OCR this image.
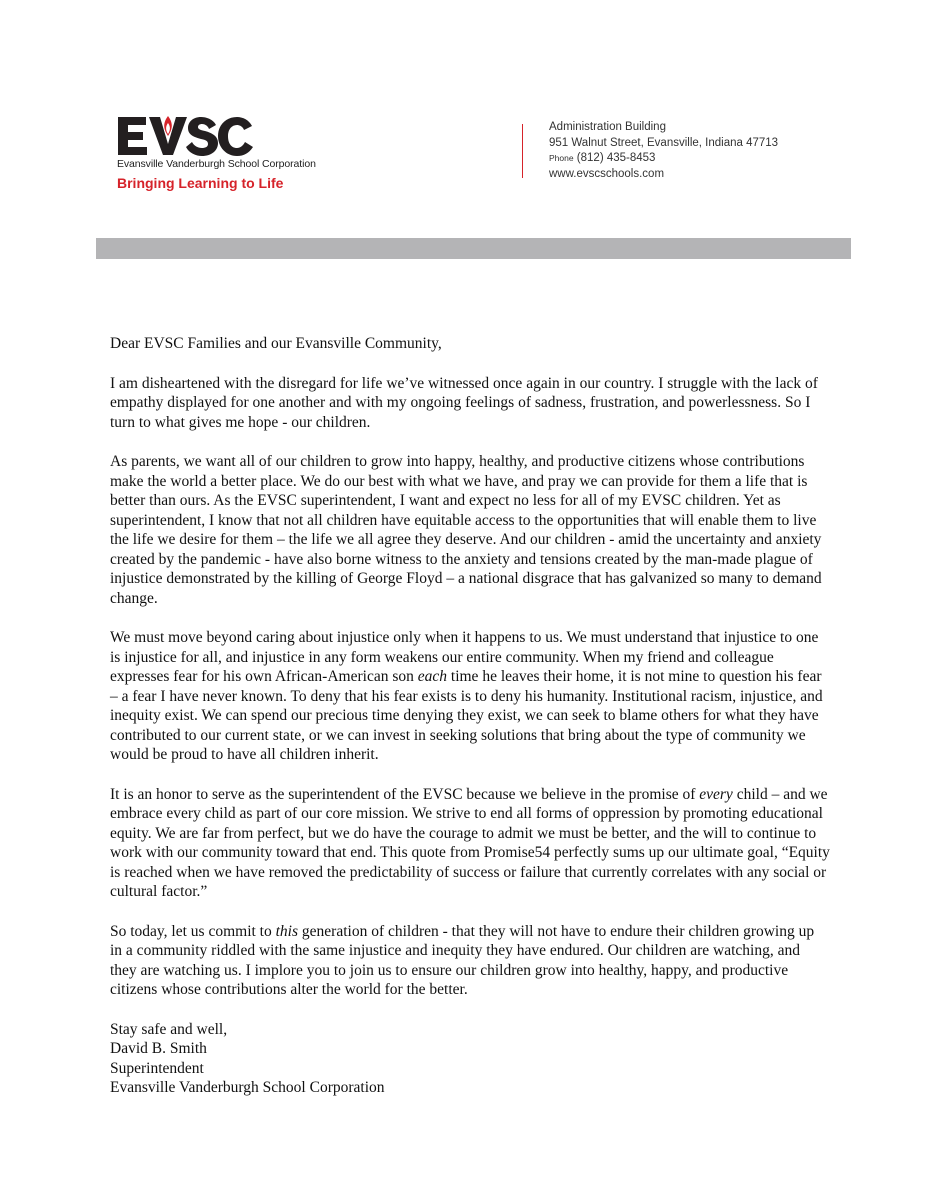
Evansville Vanderburgh School Corporation
Bringing Learning to Life
Administration Building
951 Walnut Street, Evansville, Indiana 47713
Phone (812) 435-8453
www.evscschools.com

Dear EVSC Families and our Evansville Community,

I am disheartened with the disregard for life we’ve witnessed once again in our country. I struggle with the lack of empathy displayed for one another and with my ongoing feelings of sadness, frustration, and powerlessness. So I turn to what gives me hope - our children.

As parents, we want all of our children to grow into happy, healthy, and productive citizens whose contributions make the world a better place. We do our best with what we have, and pray we can provide for them a life that is better than ours. As the EVSC superintendent, I want and expect no less for all of my EVSC children. Yet as superintendent, I know that not all children have equitable access to the opportunities that will enable them to live the life we desire for them – the life we all agree they deserve. And our children - amid the uncertainty and anxiety created by the pandemic - have also borne witness to the anxiety and tensions created by the man-made plague of injustice demonstrated by the killing of George Floyd – a national disgrace that has galvanized so many to demand change.

We must move beyond caring about injustice only when it happens to us. We must understand that injustice to one is injustice for all, and injustice in any form weakens our entire community. When my friend and colleague expresses fear for his own African-American son each time he leaves their home, it is not mine to question his fear – a fear I have never known. To deny that his fear exists is to deny his humanity. Institutional racism, injustice, and inequity exist. We can spend our precious time denying they exist, we can seek to blame others for what they have contributed to our current state, or we can invest in seeking solutions that bring about the type of community we would be proud to have all children inherit.

It is an honor to serve as the superintendent of the EVSC because we believe in the promise of every child – and we embrace every child as part of our core mission. We strive to end all forms of oppression by promoting educational equity. We are far from perfect, but we do have the courage to admit we must be better, and the will to continue to work with our community toward that end. This quote from Promise54 perfectly sums up our ultimate goal, “Equity is reached when we have removed the predictability of success or failure that currently correlates with any social or cultural factor.”

So today, let us commit to this generation of children - that they will not have to endure their children growing up in a community riddled with the same injustice and inequity they have endured. Our children are watching, and they are watching us. I implore you to join us to ensure our children grow into healthy, happy, and productive citizens whose contributions alter the world for the better.

Stay safe and well,
David B. Smith
Superintendent
Evansville Vanderburgh School Corporation
